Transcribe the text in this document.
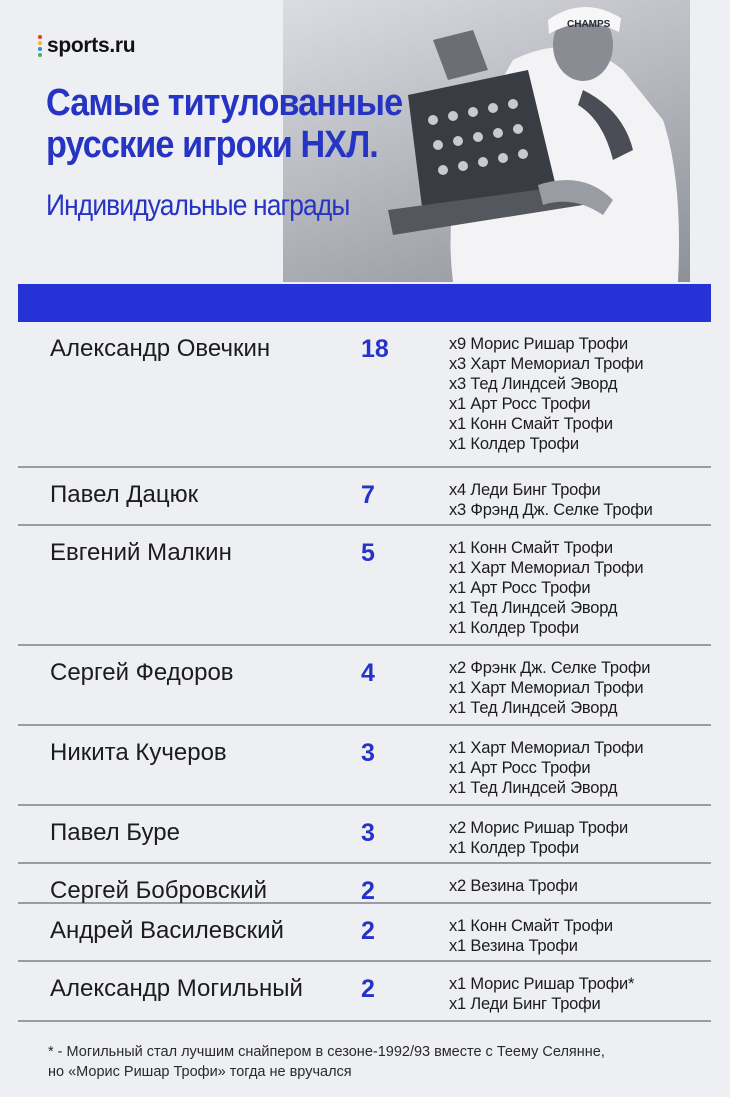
CHAMPS
sports.ru
Самые титулованные
русские игроки НХЛ.
Индивидуальные награды
Александр Овечкин	18	x9 Морис Ришар Трофи
x3 Харт Мемориал Трофи
x3 Тед Линдсей Эворд
x1 Арт Росс Трофи
x1 Конн Смайт Трофи
x1 Колдер Трофи
Павел Дацюк	7	x4 Леди Бинг Трофи
x3 Фрэнд Дж. Селке Трофи
Евгений Малкин	5	x1 Конн Смайт Трофи
x1 Харт Мемориал Трофи
x1 Арт Росс Трофи
x1 Тед Линдсей Эворд
x1 Колдер Трофи
Сергей Федоров	4	x2 Фрэнк Дж. Селке Трофи
x1 Харт Мемориал Трофи
x1 Тед Линдсей Эворд
Никита Кучеров	3	x1 Харт Мемориал Трофи
x1 Арт Росс Трофи
x1 Тед Линдсей Эворд
Павел Буре	3	x2 Морис Ришар Трофи
x1 Колдер Трофи
Сергей Бобровский	2	x2 Везина Трофи
Андрей Василевский	2	x1 Конн Смайт Трофи
x1 Везина Трофи
Александр Могильный 2	x1 Морис Ришар Трофи*
x1 Леди Бинг Трофи
* - Могильный стал лучшим снайпером в сезоне-1992/93 вместе с Теему Селянне,
но «Морис Ришар Трофи» тогда не вручался
